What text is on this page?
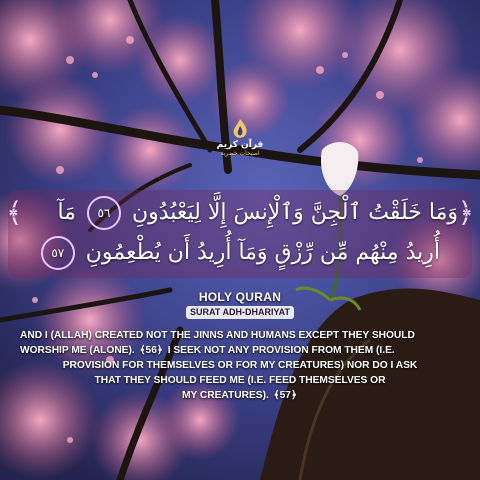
قرآن كريم
اصبحات خضرية
﴾	﴿
وَمَا خَلَقْتُ ٱلْجِنَّ وَٱلْإِنسَ إِلَّا لِيَعْبُدُونِ ٥٦ مَآ
أُرِيدُ مِنْهُم مِّن رِّزْقٍ وَمَآ أُرِيدُ أَن يُطْعِمُونِ ٥٧
HOLY QURAN
SURAT ADH-DHARIYAT
AND I (ALLAH) CREATED NOT THE JINNS AND HUMANS EXCEPT THEY SHOULD
WORSHIP ME (ALONE). ﴾56﴿ I SEEK NOT ANY PROVISION FROM THEM (I.E.
PROVISION FOR THEMSELVES OR FOR MY CREATURES) NOR DO I ASK
THAT THEY SHOULD FEED ME (I.E. FEED THEMSELVES OR
MY CREATURES). ﴾57﴿
